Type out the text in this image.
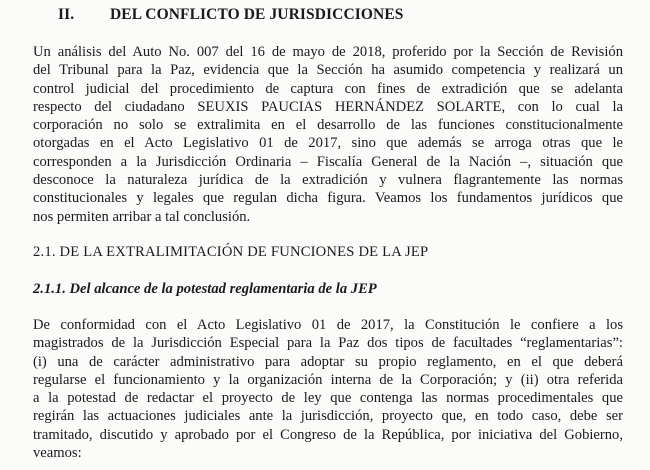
II. DEL CONFLICTO DE JURISDICCIONES
Un análisis del Auto No. 007 del 16 de mayo de 2018, proferido por la Sección de Revisión
del Tribunal para la Paz, evidencia que la Sección ha asumido competencia y realizará un
control judicial del procedimiento de captura con fines de extradición que se adelanta
respecto del ciudadano SEUXIS PAUCIAS HERNÁNDEZ SOLARTE, con lo cual la
corporación no solo se extralimita en el desarrollo de las funciones constitucionalmente
otorgadas en el Acto Legislativo 01 de 2017, sino que además se arroga otras que le
corresponden a la Jurisdicción Ordinaria – Fiscalía General de la Nación –, situación que
desconoce la naturaleza jurídica de la extradición y vulnera flagrantemente las normas
constitucionales y legales que regulan dicha figura. Veamos los fundamentos jurídicos que
nos permiten arribar a tal conclusión.
2.1. DE LA EXTRALIMITACIÓN DE FUNCIONES DE LA JEP
2.1.1. Del alcance de la potestad reglamentaria de la JEP
De conformidad con el Acto Legislativo 01 de 2017, la Constitución le confiere a los
magistrados de la Jurisdicción Especial para la Paz dos tipos de facultades “reglamentarias”:
(i) una de carácter administrativo para adoptar su propio reglamento, en el que deberá
regularse el funcionamiento y la organización interna de la Corporación; y (ii) otra referida
a la potestad de redactar el proyecto de ley que contenga las normas procedimentales que
regirán las actuaciones judiciales ante la jurisdicción, proyecto que, en todo caso, debe ser
tramitado, discutido y aprobado por el Congreso de la República, por iniciativa del Gobierno,
veamos:
